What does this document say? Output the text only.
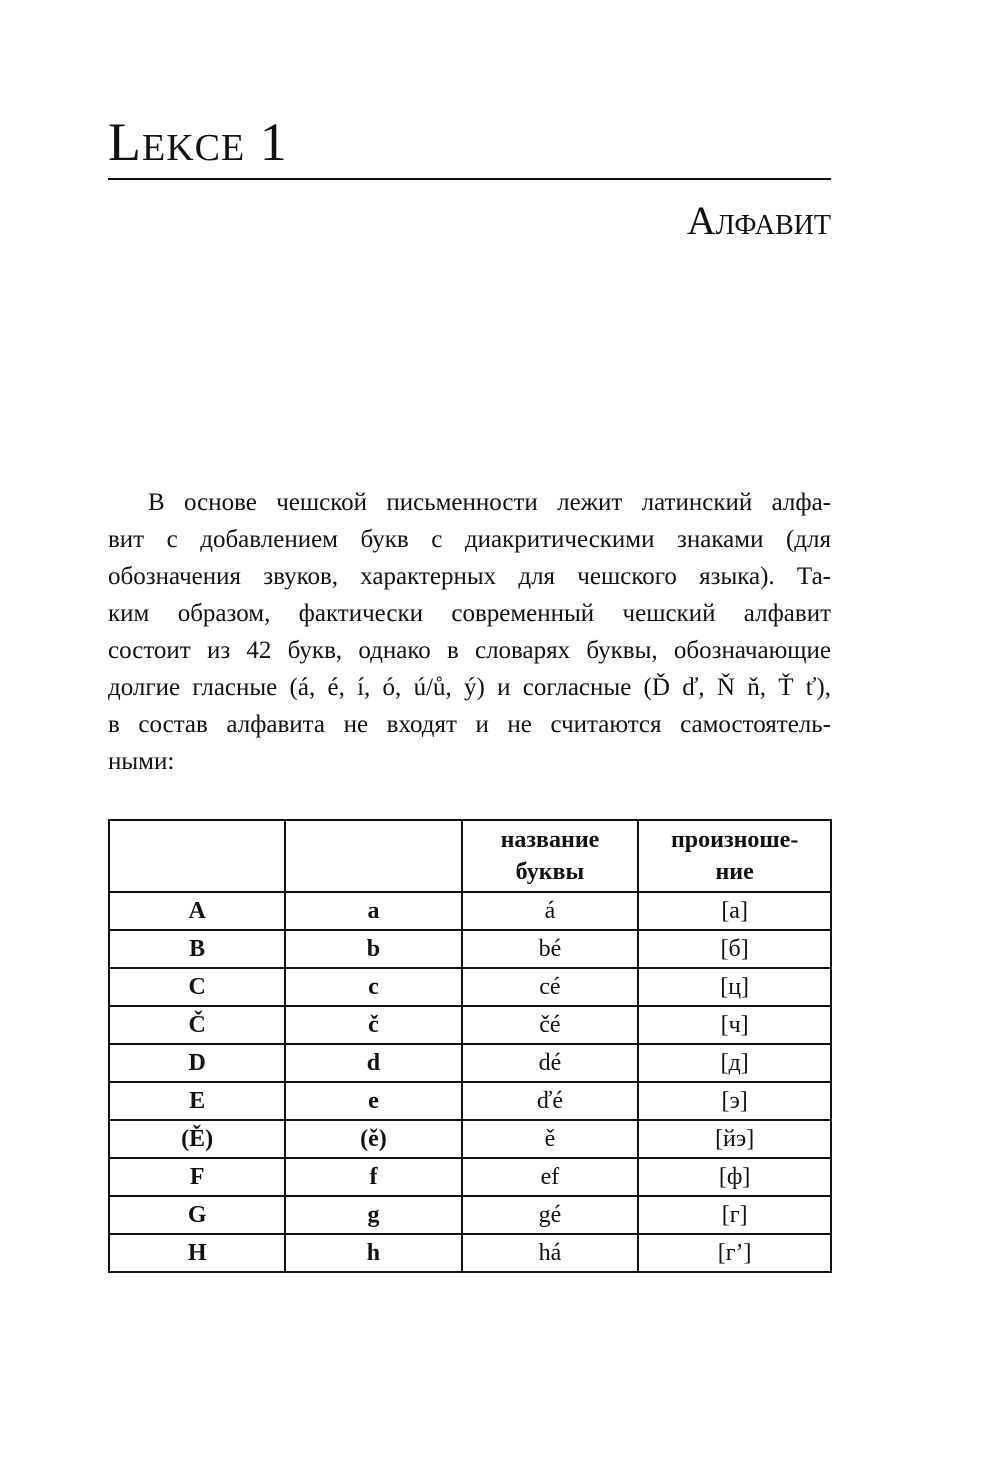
Lekce 1
Алфавит
В основе чешской письменности лежит латинский алфа-
вит с добавлением букв с диакритическими знаками (для
обозначения звуков, характерных для чешского языка). Та-
ким образом, фактически современный чешский алфавит
состоит из 42 букв, однако в словарях буквы, обозначающие
долгие гласные (á, é, í, ó, ú/ů, ý) и согласные (Ď ď, Ň ň, Ť ť),
в состав алфавита не входят и не считаются самостоятель-
ными:
		название
буквы	произноше-
ние
A	a	á	[а]
B	b	bé	[б]
C	c	cé	[ц]
Č	č	čé	[ч]
D	d	dé	[д]
E	e	ďé	[э]
(Ě)	(ě)	ě	[йэ]
F	f	ef	[ф]
G	g	gé	[г]
H	h	há	[г’]
